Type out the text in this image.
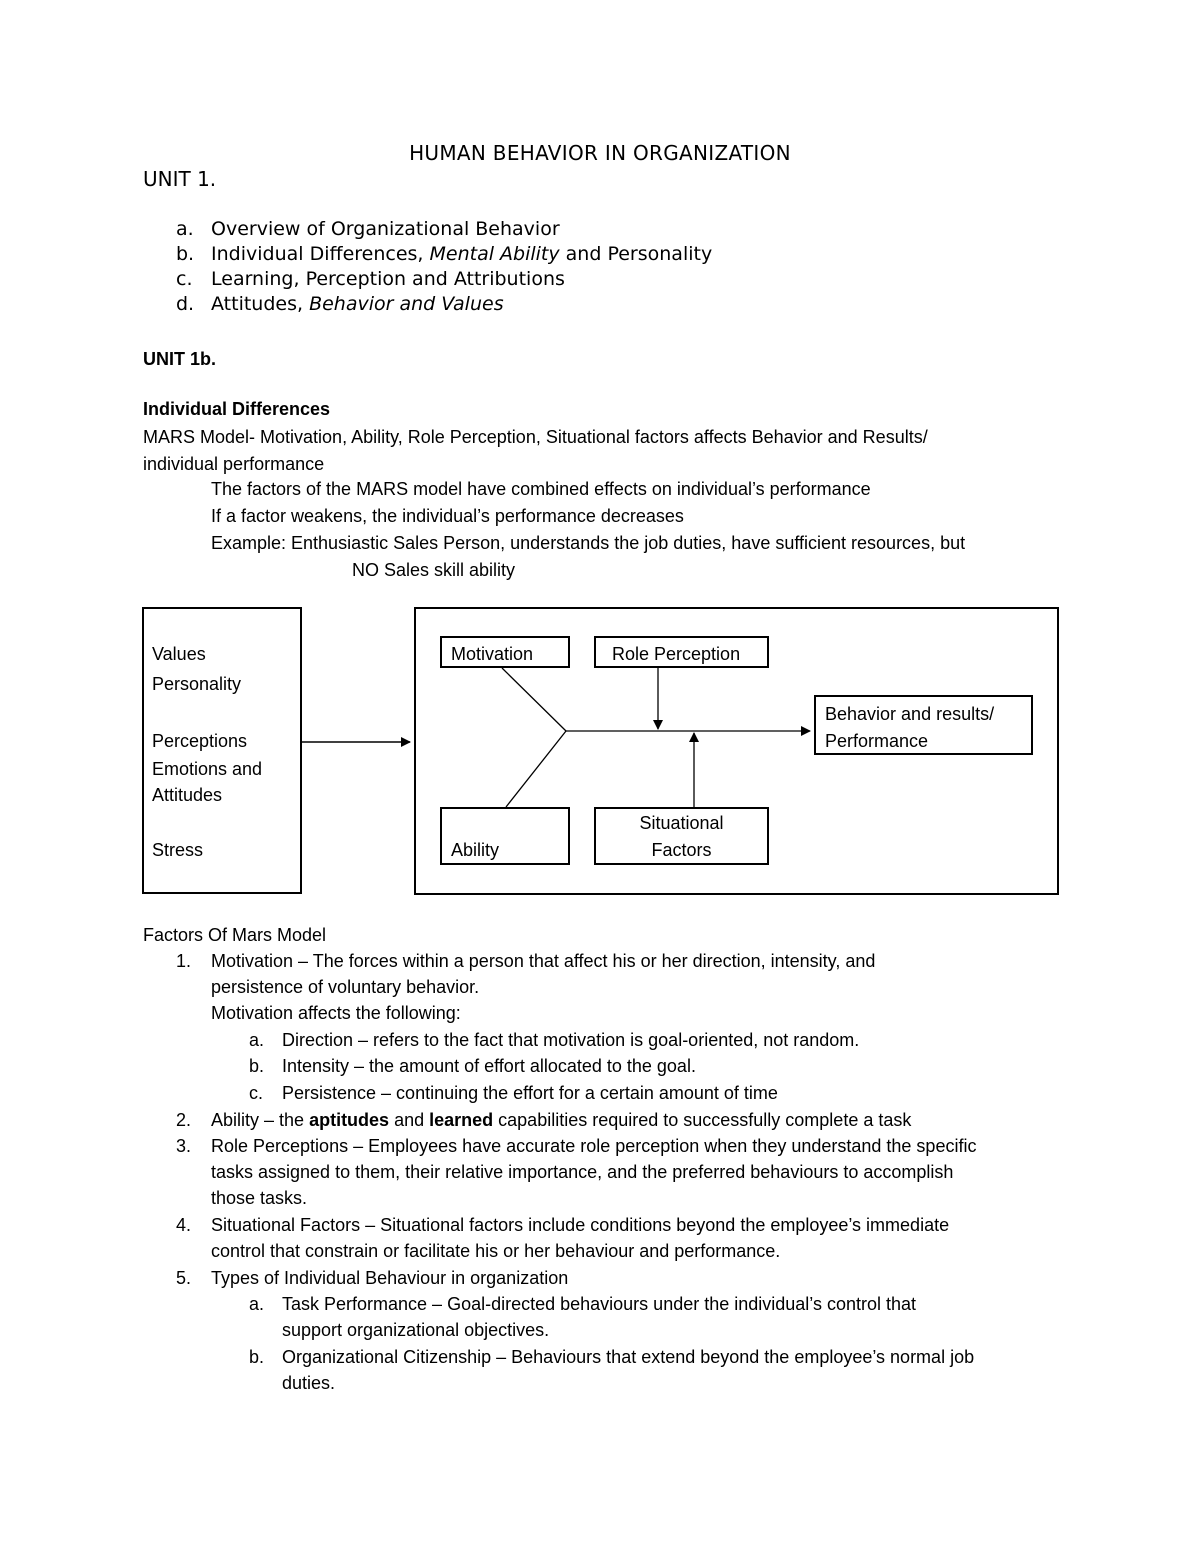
HUMAN BEHAVIOR IN ORGANIZATION
UNIT 1.
a. Overview of Organizational Behavior
b. Individual Differences, Mental Ability and Personality
c. Learning, Perception and Attributions
d. Attitudes, Behavior and Values
UNIT 1b.
Individual Differences
MARS Model- Motivation, Ability, Role Perception, Situational factors affects Behavior and Results/
individual performance
The factors of the MARS model have combined effects on individual’s performance
If a factor weakens, the individual’s performance decreases
Example: Enthusiastic Sales Person, understands the job duties, have sufficient resources, but
NO Sales skill ability
Values
Personality
Perceptions
Emotions and
Attitudes
Stress
Motivation	Role Perception
Ability
Situational
Factors
Behavior and results/
Performance
Factors Of Mars Model
1. Motivation – The forces within a person that affect his or her direction, intensity, and
persistence of voluntary behavior.
Motivation affects the following:
a. Direction – refers to the fact that motivation is goal-oriented, not random.
b. Intensity – the amount of effort allocated to the goal.
c. Persistence – continuing the effort for a certain amount of time
2. Ability – the aptitudes and learned capabilities required to successfully complete a task
3. Role Perceptions – Employees have accurate role perception when they understand the specific
tasks assigned to them, their relative importance, and the preferred behaviours to accomplish
those tasks.
4. Situational Factors – Situational factors include conditions beyond the employee’s immediate
control that constrain or facilitate his or her behaviour and performance.
5. Types of Individual Behaviour in organization
a. Task Performance – Goal-directed behaviours under the individual’s control that
support organizational objectives.
b. Organizational Citizenship – Behaviours that extend beyond the employee’s normal job
duties.
